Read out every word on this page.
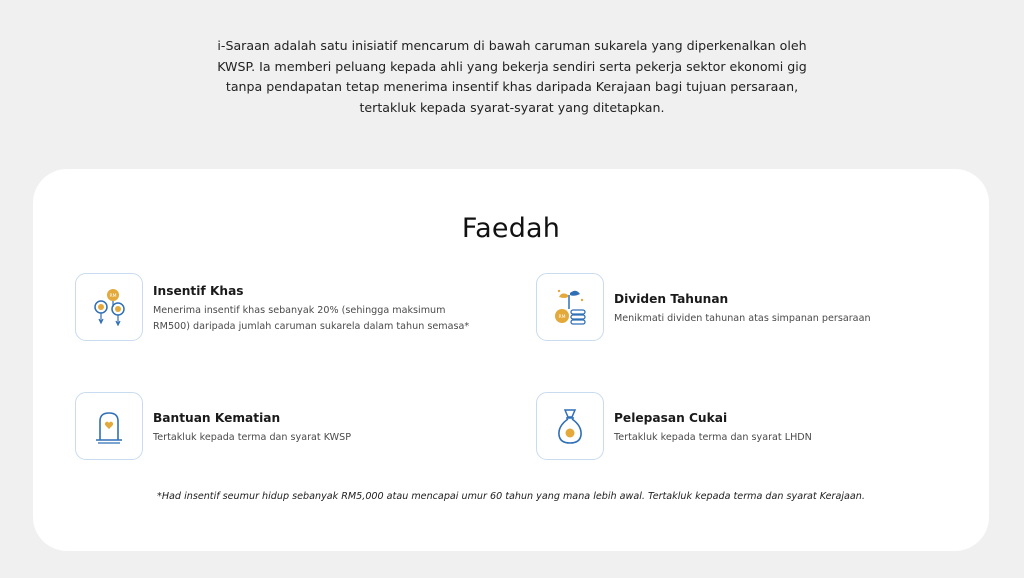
i-Saraan adalah satu inisiatif mencarum di bawah caruman sukarela yang diperkenalkan oleh
KWSP. Ia memberi peluang kepada ahli yang bekerja sendiri serta pekerja sektor ekonomi gig
tanpa pendapatan tetap menerima insentif khas daripada Kerajaan bagi tujuan persaraan,
tertakluk kepada syarat-syarat yang ditetapkan.
Faedah
RM	Insentif Khas
Menerima insentif khas sebanyak 20% (sehingga maksimum
RM500) daripada jumlah caruman sukarela dalam tahun semasa*
RM
Dividen Tahunan
Menikmati dividen tahunan atas simpanan persaraan
Bantuan Kematian
Tertakluk kepada terma dan syarat KWSP
Pelepasan Cukai
Tertakluk kepada terma dan syarat LHDN
*Had insentif seumur hidup sebanyak RM5,000 atau mencapai umur 60 tahun yang mana lebih awal. Tertakluk kepada terma dan syarat Kerajaan.
